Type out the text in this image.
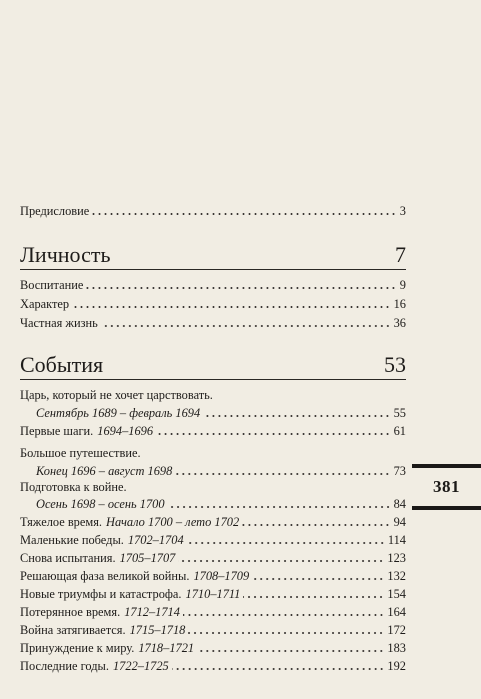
Предисловие	3
Личность	7
Воспитание	9
Характер	16
Частная жизнь	36
События	53
Царь, который не хочет царствовать.
Сентябрь 1689 – февраль 1694	55
Первые шаги. 1694–1696	61
Большое путешествие.
Конец 1696 – август 1698	73
Подготовка к войне.
Осень 1698 – осень 1700	84
Тяжелое время. Начало 1700 – лето 1702	94
Маленькие победы. 1702–1704	114
Снова испытания. 1705–1707	123
Решающая фаза великой войны. 1708–1709	132
Новые триумфы и катастрофа. 1710–1711	154
Потерянное время. 1712–1714	164
Война затягивается. 1715–1718	172
Принуждение к миру. 1718–1721	183
Последние годы. 1722–1725	192
381
